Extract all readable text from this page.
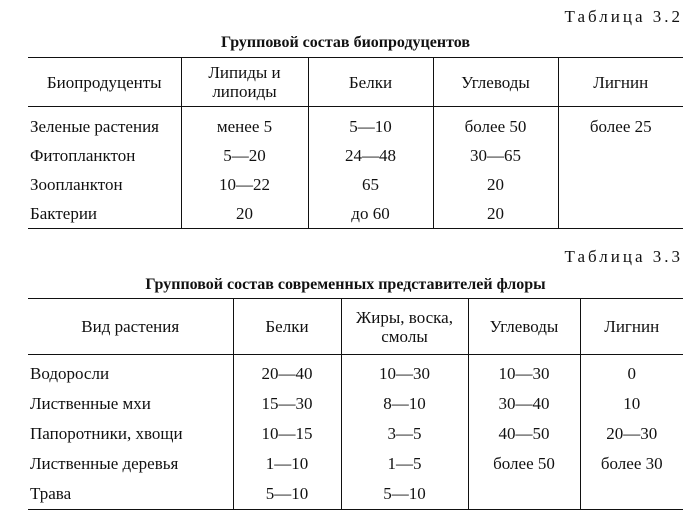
Таблица 3.2
Групповой состав биопродуцентов
Биопродуценты	Липиды и липоиды	Белки	Углеводы	Лигнин
Зеленые растения	менее 5	5—10	более 50	более 25
Фитопланктон	5—20	24—48	30—65	
Зоопланктон	10—22	65	20	
Бактерии	20	до 60	20	
Таблица 3.3
Групповой состав современных представителей флоры
Вид растения	Белки	Жиры, воска, смолы	Углеводы	Лигнин
Водоросли	20—40	10—30	10—30	0
Лиственные мхи	15—30	8—10	30—40	10
Папоротники, хвощи	10—15	3—5	40—50	20—30
Лиственные деревья	1—10	1—5	более 50	более 30
Трава	5—10	5—10		
